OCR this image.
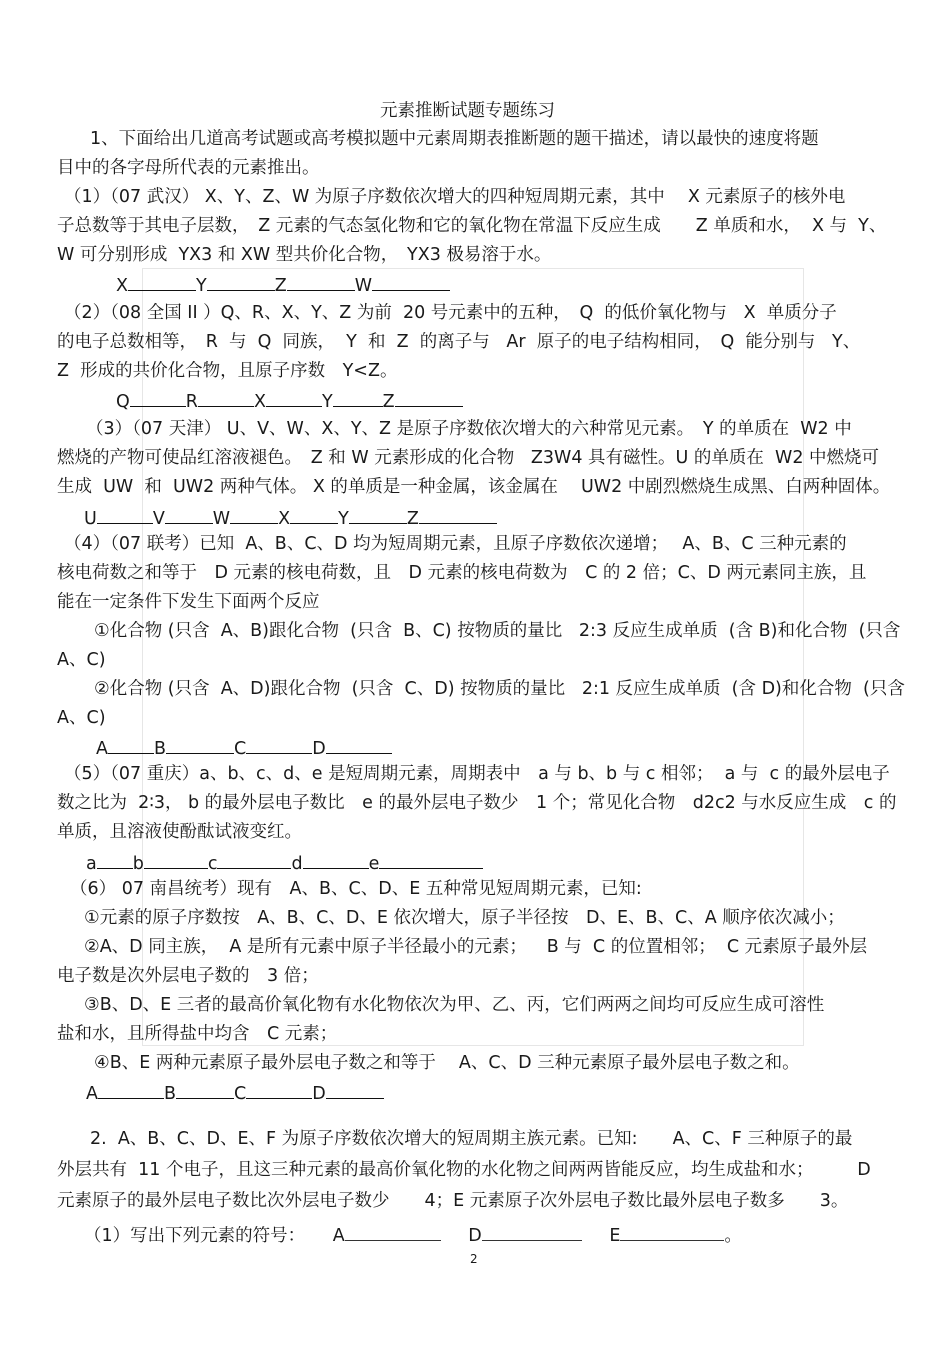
元素推断试题专题练习
1、下面给出几道高考试题或高考模拟题中元素周期表推断题的题干描述，请以最快的速度将题
目中的各字母所代表的元素推出。
（1）（07 武汉） X、Y、Z、W 为原子序数依次增大的四种短周期元素，其中　 X 元素原子的核外电
子总数等于其电子层数，　Z 元素的气态氢化物和它的氧化物在常温下反应生成　　Z 单质和水，  X 与  Y、
W 可分别形成  YX3 和 XW 型共价化合物，　YX3 极易溶于水。
X	Y	Z	W
（2）（08 全国 II ）Q、R、X、Y、Z 为前  20 号元素中的五种，　Q  的低价氧化物与   X  单质分子
的电子总数相等，　R  与  Q  同族，  Y  和  Z  的离子与   Ar  原子的电子结构相同，　Q  能分别与   Y、
Z  形成的共价化合物，且原子序数　Y<Z。
Q	R	X	Y	Z
（3）（07 天津） U、V、W、X、Y、Z 是原子序数依次增大的六种常见元素。　Y 的单质在  W2 中
燃烧的产物可使品红溶液褪色。　Z 和 W 元素形成的化合物   Z3W4 具有磁性。U 的单质在  W2 中燃烧可
生成  UW  和  UW2 两种气体。 X 的单质是一种金属，该金属在　 UW2 中剧烈燃烧生成黑、白两种固体。
U	V	W	X	Y	Z
（4）（07 联考）已知  A、B、C、D 均为短周期元素，且原子序数依次递增；　 A、B、C 三种元素的
核电荷数之和等于　D 元素的核电荷数，且　D 元素的核电荷数为　C 的 2 倍；C、D 两元素同主族，且
能在一定条件下发生下面两个反应
①化合物 (只含  A、B)跟化合物  (只含  B、C) 按物质的量比   2:3 反应生成单质  (含 B)和化合物  (只含
A、C)
②化合物 (只含  A、D)跟化合物  (只含  C、D) 按物质的量比   2:1 反应生成单质  (含 D)和化合物  (只含
A、C)
A	B	C	D
（5）（07 重庆）a、b、c、d、e 是短周期元素，周期表中　a 与 b、b 与 c 相邻；  a 与  c 的最外层电子
数之比为  2∶3， b 的最外层电子数比　e 的最外层电子数少　1 个；常见化合物　d2c2 与水反应生成　c 的
单质，且溶液使酚酞试液变红。
a b	c	d	e
（6） 07 南昌统考）现有　A、B、C、D、E 五种常见短周期元素，已知:
①元素的原子序数按　A、B、C、D、E 依次增大，原子半径按　D、E、B、C、A 顺序依次减小；
②A、D 同主族，  A 是所有元素中原子半径最小的元素；　  B 与  C 的位置相邻；  C 元素原子最外层
电子数是次外层电子数的　3 倍；
③B、D、E 三者的最高价氧化物有水化物依次为甲、乙、丙，它们两两之间均可反应生成可溶性
盐和水，且所得盐中均含　C 元素；
④B、E 两种元素原子最外层电子数之和等于　 A、C、D 三种元素原子最外层电子数之和。
A	B	C	D
2.  A、B、C、D、E、F 为原子序数依次增大的短周期主族元素。已知:　　A、C、F 三种原子的最
外层共有  11 个电子，且这三种元素的最高价氧化物的水化物之间两两皆能反应，均生成盐和水；　　　D
元素原子的最外层电子数比次外层电子数少　　4；E 元素原子次外层电子数比最外层电子数多　　3。
（1）写出下列元素的符号： A	D	E	。
2
